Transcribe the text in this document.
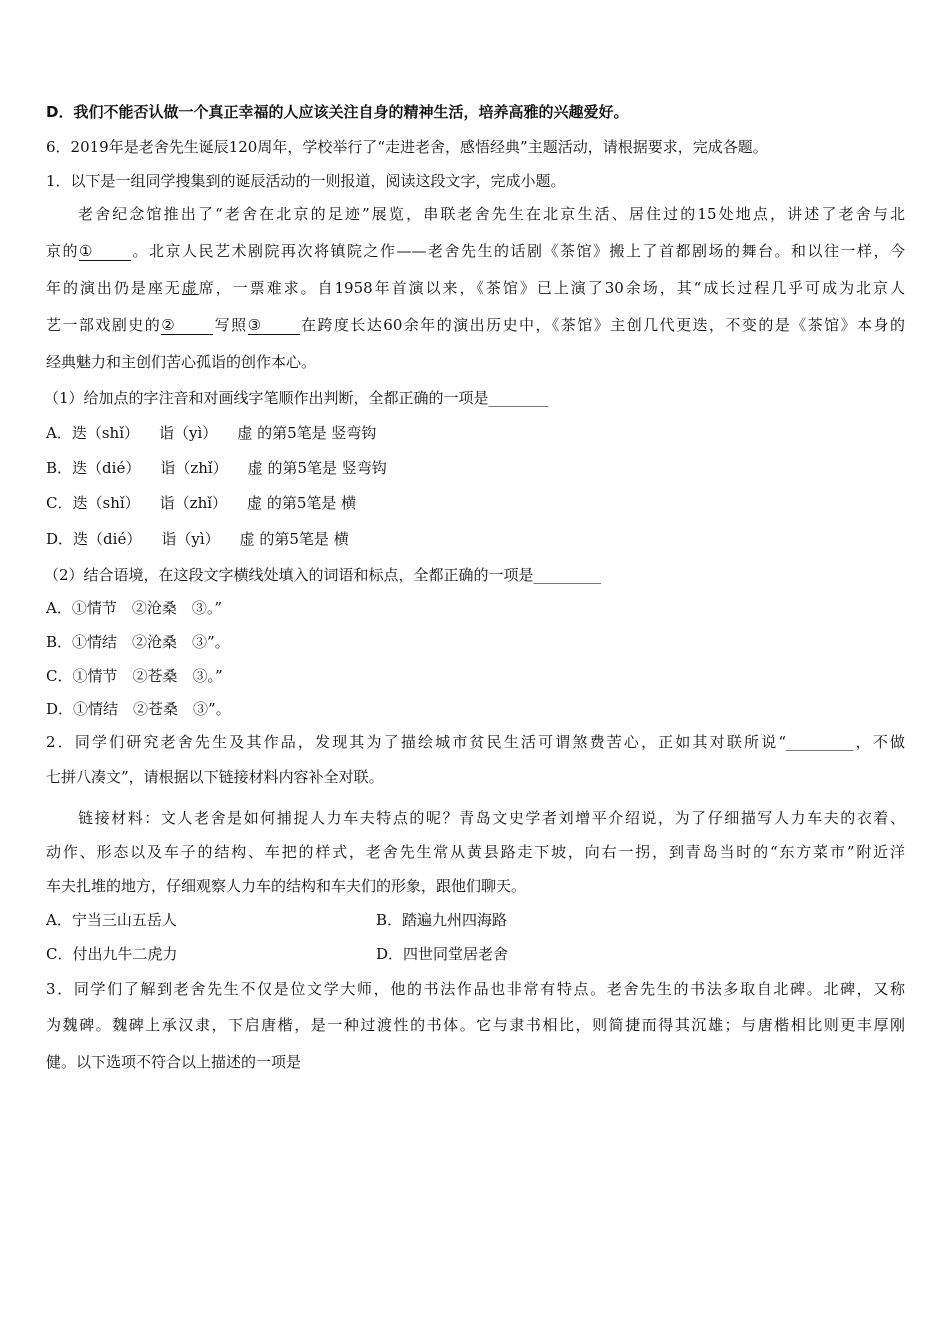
D．我们不能否认做一个真正幸福的人应该关注自身的精神生活，培养高雅的兴趣爱好。
6．2019年是老舍先生诞辰120周年，学校举行了“走进老舍，感悟经典”主题活动，请根据要求，完成各题。
1．以下是一组同学搜集到的诞辰活动的一则报道，阅读这段文字，完成小题。
老舍纪念馆推出了“老舍在北京的足迹”展览，串联老舍先生在北京生活、居住过的15处地点，讲述了老舍与北
京的①	。北京人民艺术剧院再次将镇院之作——老舍先生的话剧《茶馆》搬上了首都剧场的舞台。和以往一样，今
年的演出仍是座无虚席，一票难求。自1958年首演以来，《茶馆》已上演了30余场，其“成长过程几乎可成为北京人
艺一部戏剧史的②	写照③	在跨度长达60余年的演出历史中，《茶馆》主创几代更迭，不变的是《茶馆》本身的
经典魅力和主创们苦心孤诣的创作本心。
（1）给加点的字注音和对画线字笔顺作出判断，全都正确的一项是________
A．迭（shǐ） 诣（yì） 虚 的第5笔是 竖弯钩
B．迭（dié） 诣（zhǐ） 虚 的第5笔是 竖弯钩
C．迭（shǐ） 诣（zhǐ） 虚 的第5笔是 横
D．迭（dié） 诣（yì） 虚 的第5笔是 横
（2）结合语境，在这段文字横线处填入的词语和标点，全都正确的一项是_________
A．①情节　②沧桑　③。”
B．①情结　②沧桑　③”。
C．①情节　②苍桑　③。”
D．①情结　②苍桑　③”。
2．同学们研究老舍先生及其作品，发现其为了描绘城市贫民生活可谓煞费苦心，正如其对联所说“_________，不做
七拼八凑文”，请根据以下链接材料内容补全对联。
链接材料：文人老舍是如何捕捉人力车夫特点的呢？青岛文史学者刘增平介绍说，为了仔细描写人力车夫的衣着、
动作、形态以及车子的结构、车把的样式，老舍先生常从黄县路走下坡，向右一拐，到青岛当时的“东方菜市”附近洋
车夫扎堆的地方，仔细观察人力车的结构和车夫们的形象，跟他们聊天。
A．宁当三山五岳人	B．踏遍九州四海路
C．付出九牛二虎力	D．四世同堂居老舍
3．同学们了解到老舍先生不仅是位文学大师，他的书法作品也非常有特点。老舍先生的书法多取自北碑。北碑，又称
为魏碑。魏碑上承汉隶，下启唐楷，是一种过渡性的书体。它与隶书相比，则简捷而得其沉雄；与唐楷相比则更丰厚刚
健。以下选项不符合以上描述的一项是
